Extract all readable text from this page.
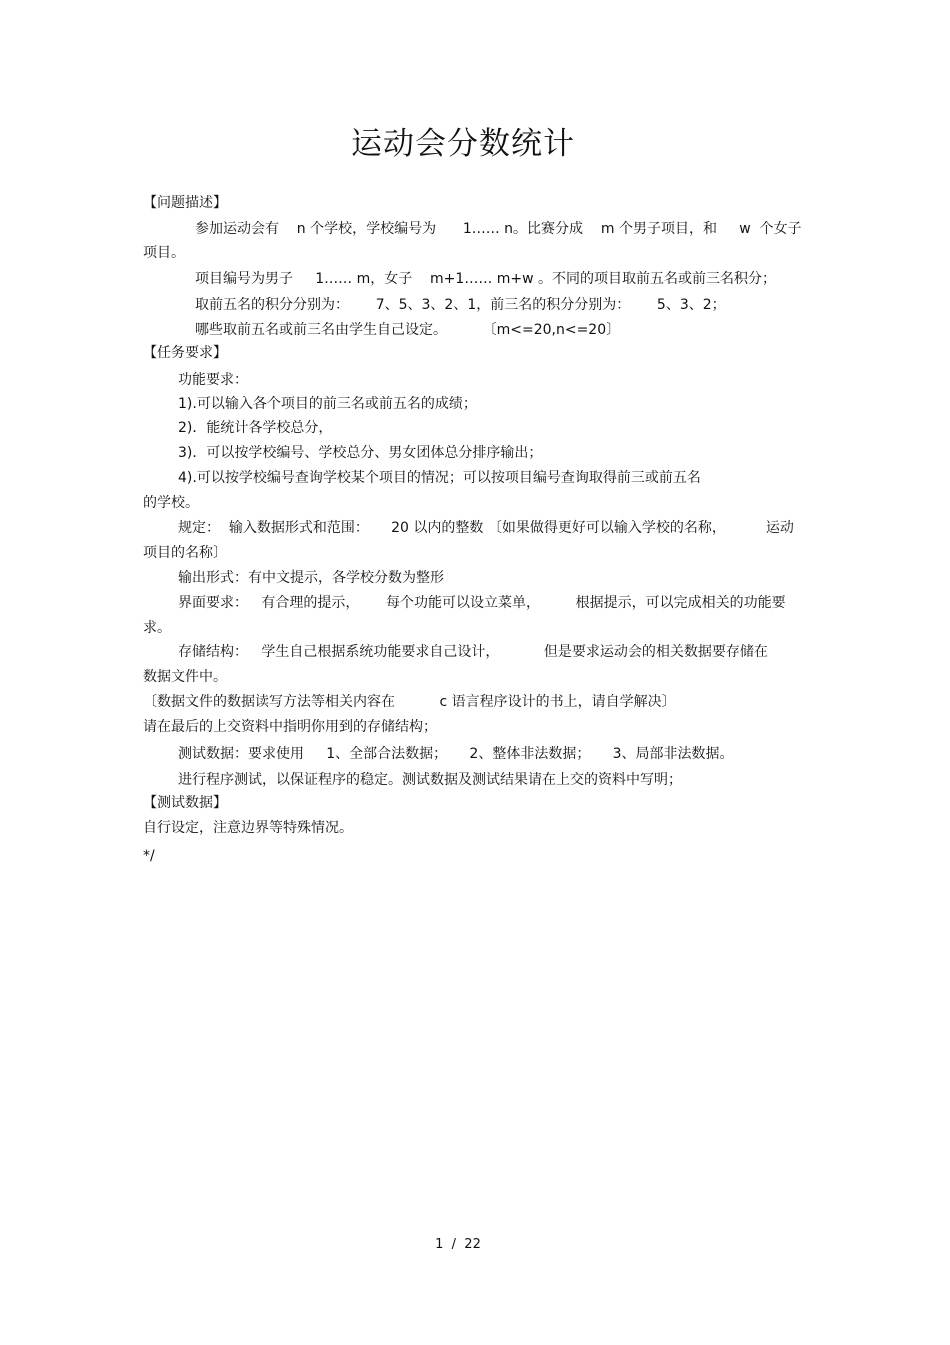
运动会分数统计
【问题描述】
参加运动会有    n 个学校，学校编号为      1…… n。比赛分成    m 个男子项目，和     w  个女子
项目。
项目编号为男子     1…… m，女子    m+1…… m+w 。不同的项目取前五名或前三名积分；
取前五名的积分分别为：      7、5、3、2、1，前三名的积分分别为：      5、3、2；
哪些取前五名或前三名由学生自己设定。        〔m<=20,n<=20〕
【任务要求】
功能要求：
1).可以输入各个项目的前三名或前五名的成绩；
2)．能统计各学校总分，
3)．可以按学校编号、学校总分、男女团体总分排序输出；
4).可以按学校编号查询学校某个项目的情况；可以按项目编号查询取得前三或前五名
的学校。
规定：  输入数据形式和范围：     20 以内的整数 〔如果做得更好可以输入学校的名称，         运动
项目的名称〕
输出形式：有中文提示，各学校分数为整形
界面要求：   有合理的提示，      每个功能可以设立菜单，        根据提示，可以完成相关的功能要
求。
存储结构：   学生自己根据系统功能要求自己设计，          但是要求运动会的相关数据要存储在
数据文件中。
〔数据文件的数据读写方法等相关内容在          c 语言程序设计的书上，请自学解决〕
请在最后的上交资料中指明你用到的存储结构；
测试数据：要求使用     1、全部合法数据；     2、整体非法数据；     3、局部非法数据。
进行程序测试，以保证程序的稳定。测试数据及测试结果请在上交的资料中写明；
【测试数据】
自行设定，注意边界等特殊情况。
*/
1  /  22
